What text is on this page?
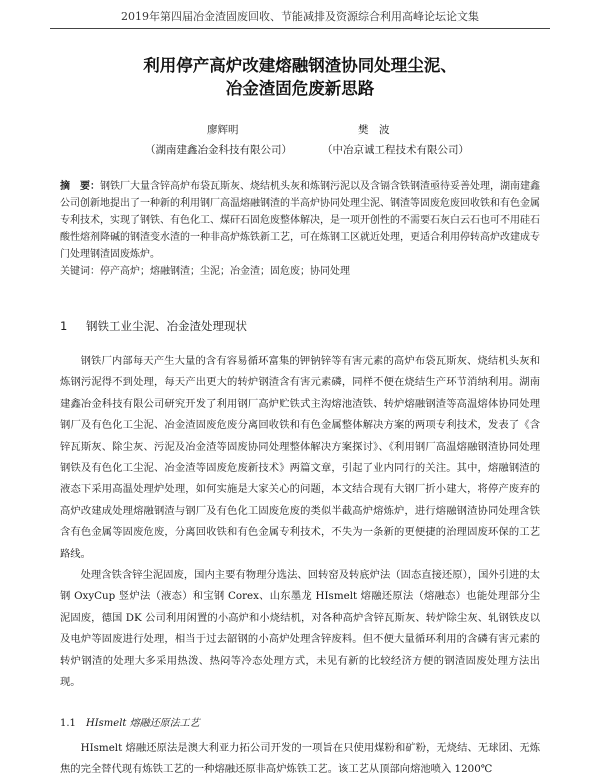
2019年第四届冶金渣固废回收、节能减排及资源综合利用高峰论坛论文集
利用停产高炉改建熔融钢渣协同处理尘泥、
冶金渣固危废新思路
廖辉明	樊　波
（湖南建鑫冶金科技有限公司）	（中冶京诚工程技术有限公司）

摘　要：钢铁厂大量含锌高炉布袋瓦斯灰、烧结机头灰和炼钢污泥以及含镉含铁钢渣亟待妥善处理，湖南建鑫公司创新地提出了一种新的利用钢厂高温熔融钢渣的半高炉协同处理尘泥、钢渣等固废危废回收铁和有色金属专利技术，实现了钢铁、有色化工、煤矸石固危废整体解决，是一项开创性的不需要石灰白云石也可不用硅石酸性熔剂降碱的钢渣变水渣的一种非高炉炼铁新工艺，可在炼钢工区就近处理，更适合利用停转高炉改建成专门处理钢渣固废炼炉。

关键词：停产高炉；熔融钢渣；尘泥；冶金渣；固危废；协同处理

1 钢铁工业尘泥、冶金渣处理现状

钢铁厂内部每天产生大量的含有容易循环富集的钾钠锌等有害元素的高炉布袋瓦斯灰、烧结机头灰和炼钢污泥得不到处理，每天产出更大的转炉钢渣含有害元素磷，同样不便在烧结生产环节消纳利用。湖南建鑫冶金科技有限公司研究开发了利用钢厂高炉贮铁式主沟熔池渣铁、转炉熔融钢渣等高温熔体协同处理钢厂及有色化工尘泥、冶金渣固废危废分离回收铁和有色金属整体解决方案的两项专利技术，发表了《含锌瓦斯灰、除尘灰、污泥及冶金渣等固废协同处理整体解决方案探讨》、《利用钢厂高温熔融钢渣协同处理钢铁及有色化工尘泥、冶金渣等固废危废新技术》两篇文章，引起了业内同行的关注。其中，熔融钢渣的液态下采用高温处理炉处理，如何实施是大家关心的问题，本文结合现有大钢厂折小建大，将停产废弃的高炉改建成处理熔融钢渣与钢厂及有色化工固废危废的类似半截高炉熔炼炉，进行熔融钢渣协同处理含铁含有色金属等固废危废，分离回收铁和有色金属专利技术，不失为一条新的更便捷的治理固废环保的工艺路线。

处理含铁含锌尘泥固废，国内主要有物理分选法、回转窑及转底炉法（固态直接还原），国外引进的太钢 OxyCup 竖炉法（液态）和宝钢 Corex、山东墨龙 HIsmelt 熔融还原法（熔融态）也能处理部分尘泥固废，德国 DK 公司利用闲置的小高炉和小烧结机，对各种高炉含锌瓦斯灰、转炉除尘灰、轧钢铁皮以及电炉等固废进行处理，相当于过去韶钢的小高炉处理含锌废料。但不便大量循环利用的含磷有害元素的转炉钢渣的处理大多采用热泼、热闷等冷态处理方式，未见有新的比较经济方便的钢渣固废处理方法出现。

1.1 HIsmelt 熔融还原法工艺

HIsmelt 熔融还原法是澳大利亚力拓公司开发的一项旨在只使用煤粉和矿粉，无烧结、无球团、无炼焦的完全替代现有炼铁工艺的一种熔融还原非高炉炼铁工艺。该工艺从顶部向熔池喷入 1200℃
